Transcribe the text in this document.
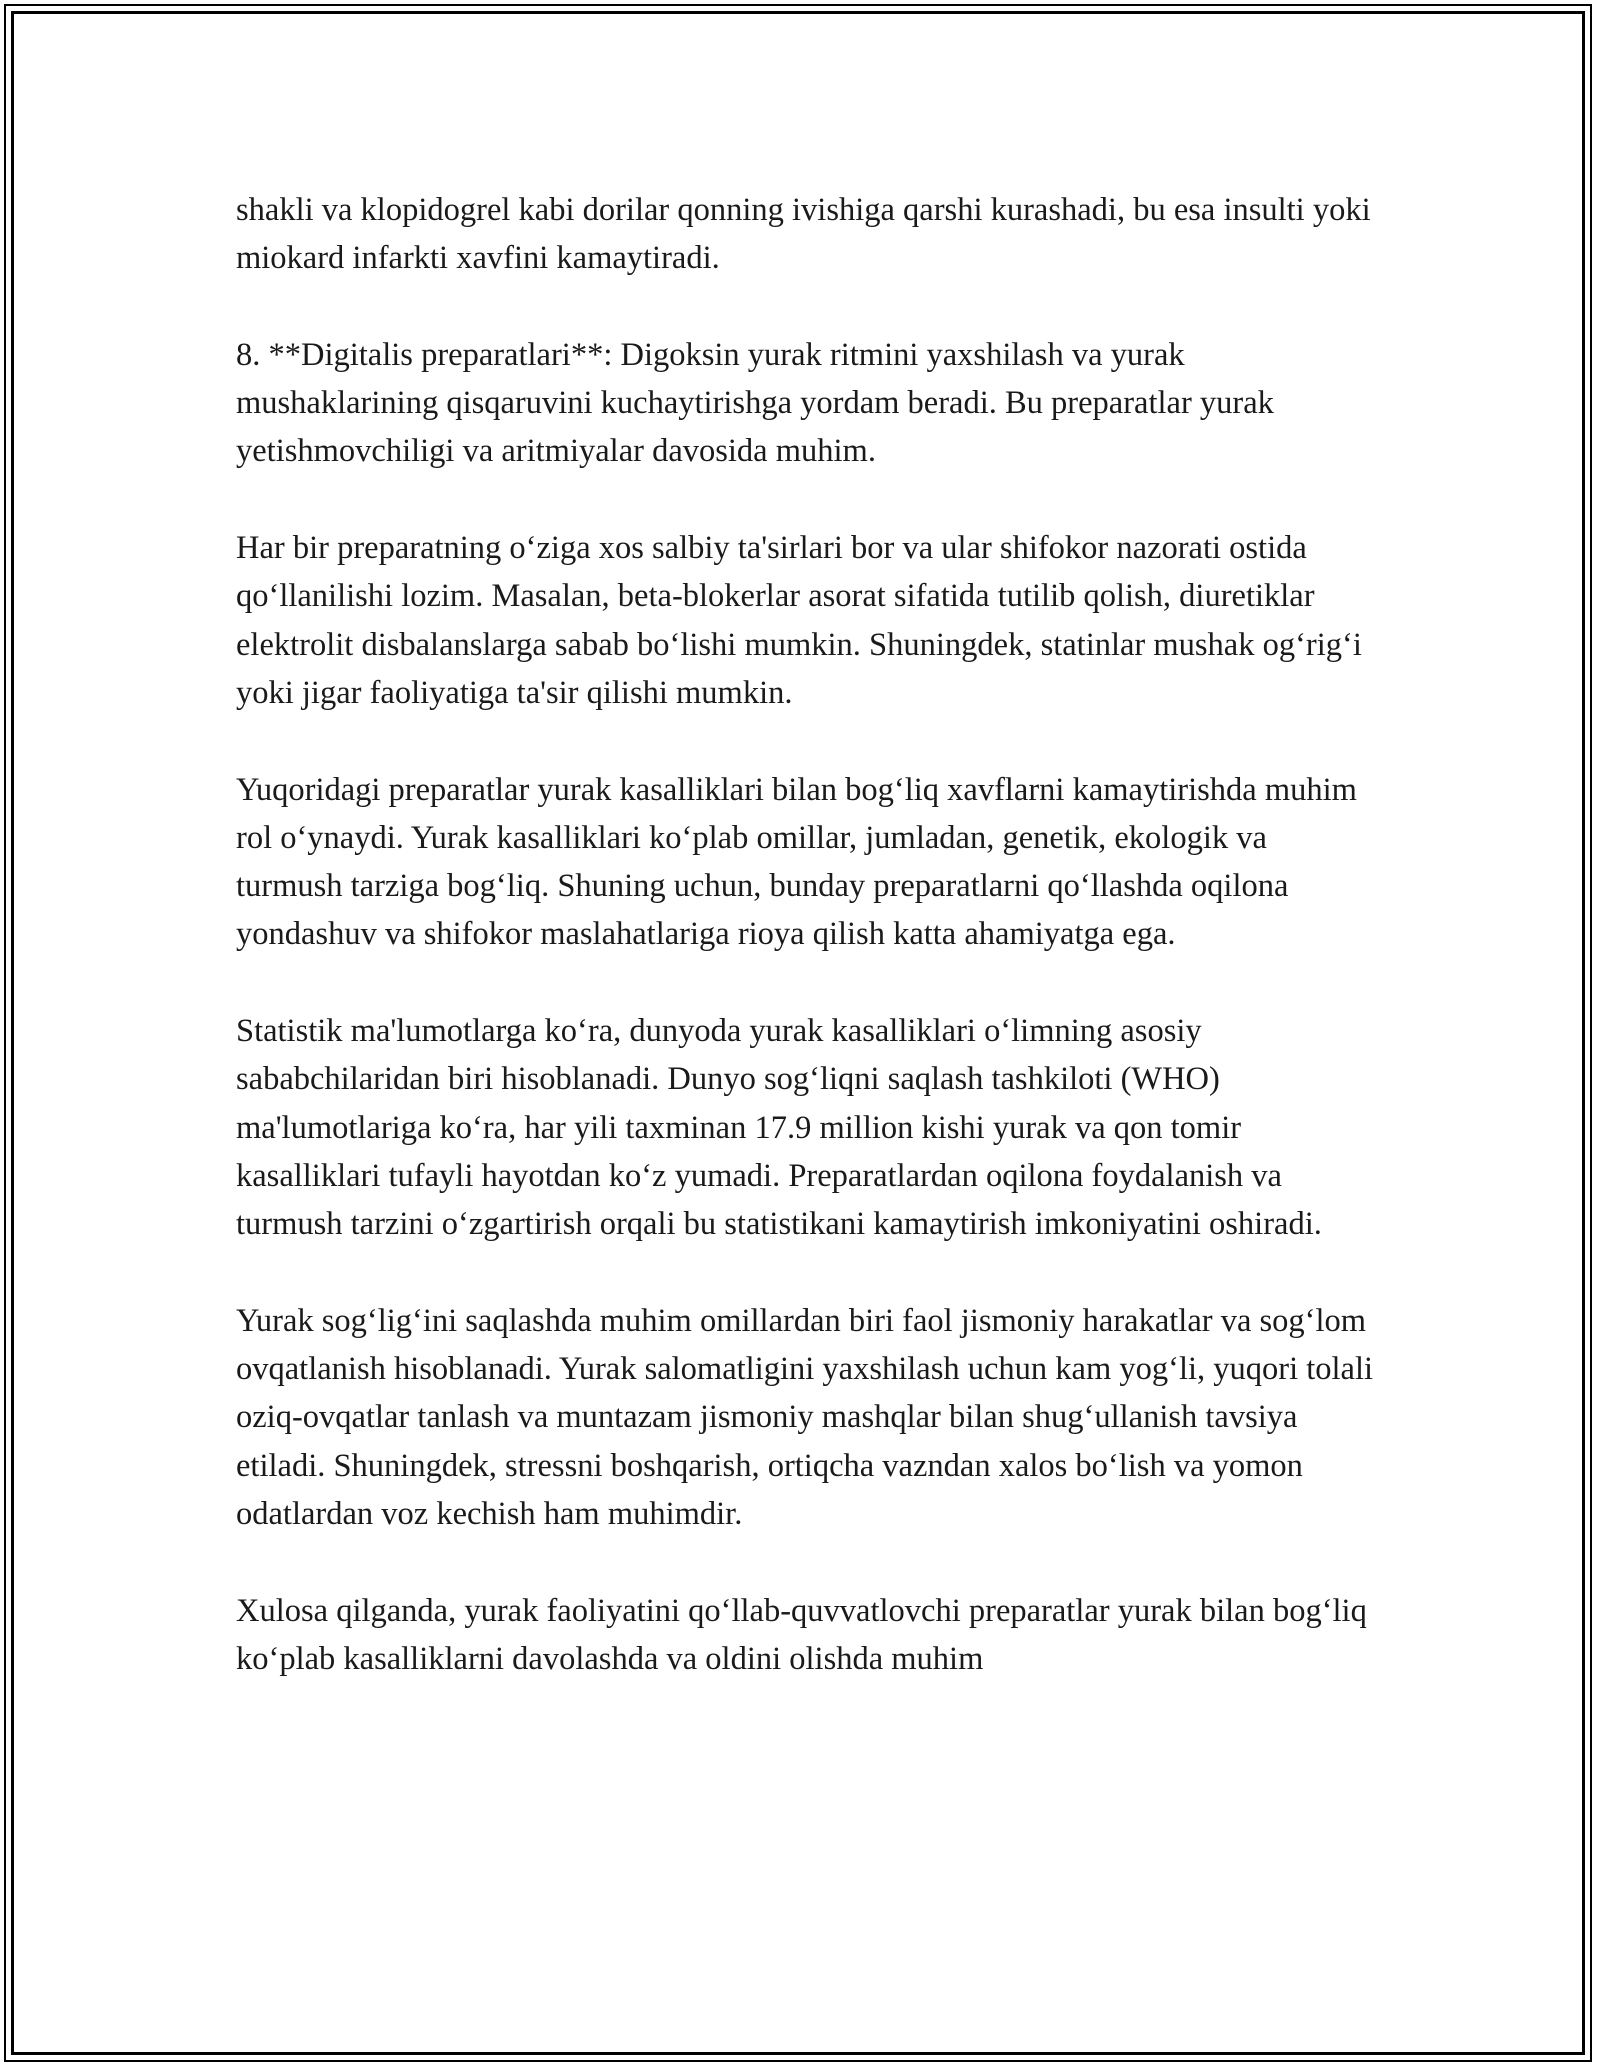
shakli va klopidogrel kabi dorilar qonning ivishiga qarshi kurashadi, bu esa insulti yoki miokard infarkti xavfini kamaytiradi.

8. **Digitalis preparatlari**: Digoksin yurak ritmini yaxshilash va yurak mushaklarining qisqaruvini kuchaytirishga yordam beradi. Bu preparatlar yurak yetishmovchiligi va aritmiyalar davosida muhim.

Har bir preparatning o‘ziga xos salbiy ta'sirlari bor va ular shifokor nazorati ostida qo‘llanilishi lozim. Masalan, beta-blokerlar asorat sifatida tutilib qolish, diuretiklar elektrolit disbalanslarga sabab bo‘lishi mumkin. Shuningdek, statinlar mushak og‘rig‘i yoki jigar faoliyatiga ta'sir qilishi mumkin.

Yuqoridagi preparatlar yurak kasalliklari bilan bog‘liq xavflarni kamaytirishda muhim rol o‘ynaydi. Yurak kasalliklari ko‘plab omillar, jumladan, genetik, ekologik va turmush tarziga bog‘liq. Shuning uchun, bunday preparatlarni qo‘llashda oqilona yondashuv va shifokor maslahatlariga rioya qilish katta ahamiyatga ega.

Statistik ma'lumotlarga ko‘ra, dunyoda yurak kasalliklari o‘limning asosiy sababchilaridan biri hisoblanadi. Dunyo sog‘liqni saqlash tashkiloti (WHO) ma'lumotlariga ko‘ra, har yili taxminan 17.9 million kishi yurak va qon tomir kasalliklari tufayli hayotdan ko‘z yumadi. Preparatlardan oqilona foydalanish va turmush tarzini o‘zgartirish orqali bu statistikani kamaytirish imkoniyatini oshiradi.

Yurak sog‘lig‘ini saqlashda muhim omillardan biri faol jismoniy harakatlar va sog‘lom ovqatlanish hisoblanadi. Yurak salomatligini yaxshilash uchun kam yog‘li, yuqori tolali oziq-ovqatlar tanlash va muntazam jismoniy mashqlar bilan shug‘ullanish tavsiya etiladi. Shuningdek, stressni boshqarish, ortiqcha vazndan xalos bo‘lish va yomon odatlardan voz kechish ham muhimdir.

Xulosa qilganda, yurak faoliyatini qo‘llab-quvvatlovchi preparatlar yurak bilan bog‘liq ko‘plab kasalliklarni davolashda va oldini olishda muhim
